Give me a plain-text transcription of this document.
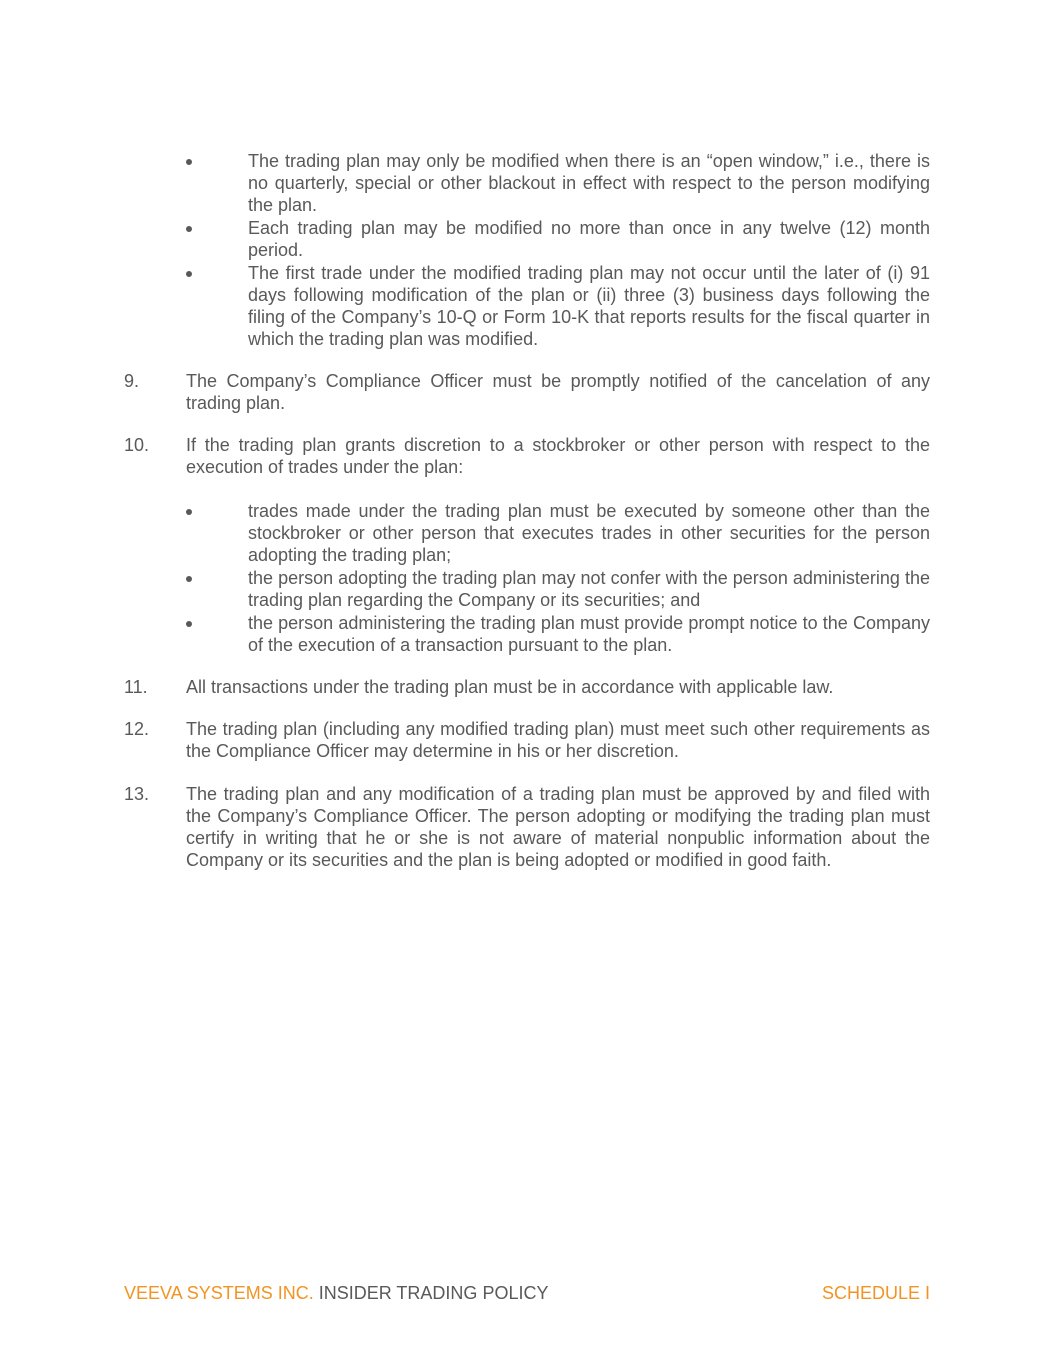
The trading plan may only be modified when there is an “open window,” i.e., there is no quarterly, special or other blackout in effect with respect to the person modifying the plan.
Each trading plan may be modified no more than once in any twelve (12) month period.
The first trade under the modified trading plan may not occur until the later of (i) 91 days following modification of the plan or (ii) three (3) business days following the filing of the Company’s 10-Q or Form 10-K that reports results for the fiscal quarter in which the trading plan was modified.
9.	The Company’s Compliance Officer must be promptly notified of the cancelation of any trading plan.
10. If the trading plan grants discretion to a stockbroker or other person with respect to the execution of trades under the plan:
trades made under the trading plan must be executed by someone other than the stockbroker or other person that executes trades in other securities for the person adopting the trading plan;
the person adopting the trading plan may not confer with the person administering the trading plan regarding the Company or its securities; and
the person administering the trading plan must provide prompt notice to the Company of the execution of a transaction pursuant to the plan.
11. All transactions under the trading plan must be in accordance with applicable law.
12. The trading plan (including any modified trading plan) must meet such other requirements as the Compliance Officer may determine in his or her discretion.
13. The trading plan and any modification of a trading plan must be approved by and filed with the Company’s Compliance Officer. The person adopting or modifying the trading plan must certify in writing that he or she is not aware of material nonpublic information about the Company or its securities and the plan is being adopted or modified in good faith.
VEEVA SYSTEMS INC. INSIDER TRADING POLICY	SCHEDULE I
